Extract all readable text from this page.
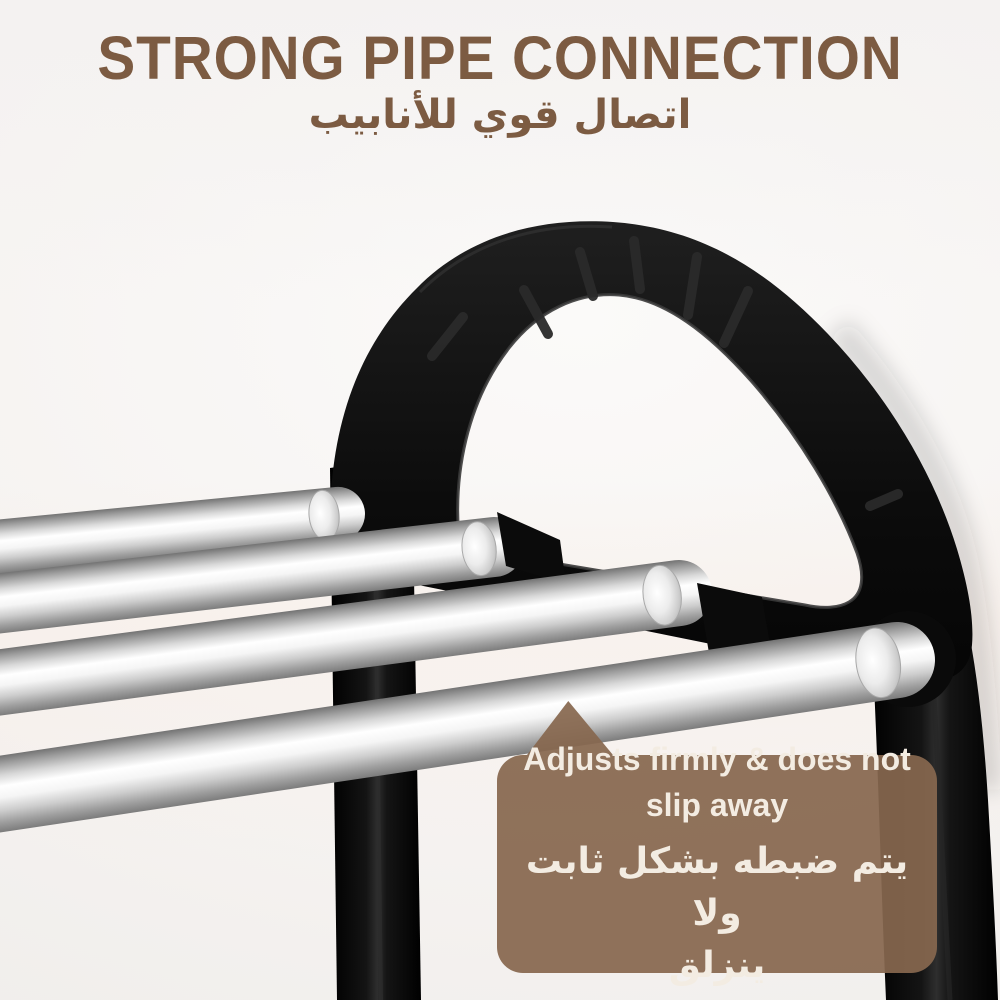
STRONG PIPE CONNECTION
اتصال قوي للأنابيب
Adjusts firmly & does not
slip away
يتم ضبطه بشكل ثابت ولا
ينزلق
